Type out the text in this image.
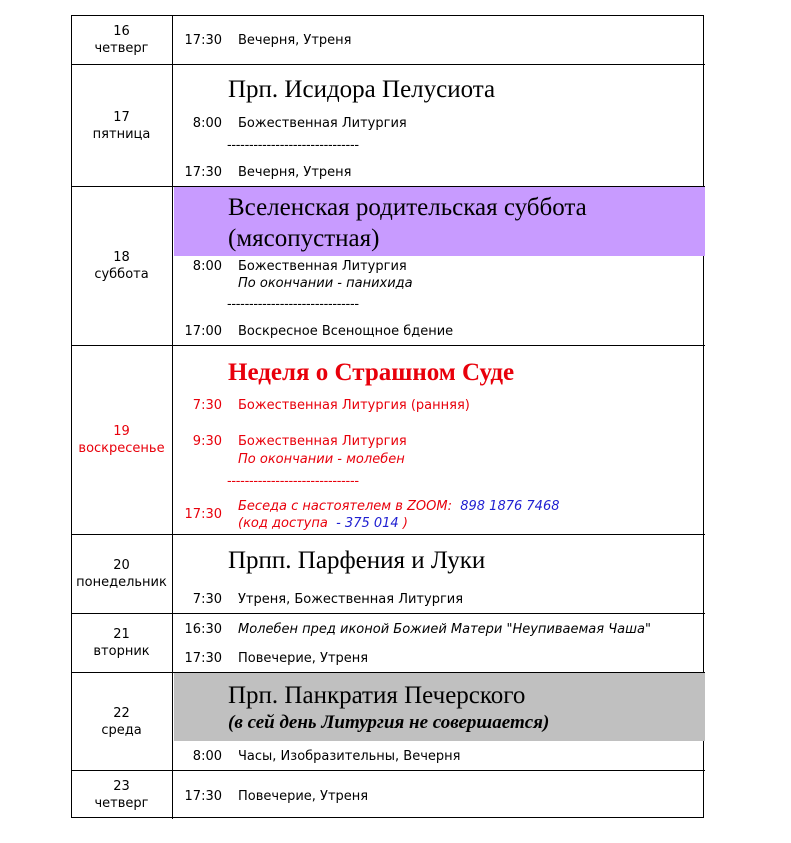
16
четверг	17:30 Вечерня, Утреня
17
пятница
Прп. Исидора Пелусиота
8:00 Божественная Литургия
------------------------------
17:30 Вечерня, Утреня
18
суббота
Вселенская родительская суббота
(мясопустная)
8:00 Божественная Литургия
По окончании - панихида
------------------------------
17:00 Воскресное Всенощное бдение
19
воскресенье
Неделя о Страшном Суде
7:30 Божественная Литургия (ранняя)
9:30 Божественная Литургия
По окончании - молебен
------------------------------
17:30
Беседа с настоятелем в ZOOM: 898 1876 7468
(код доступа - 375 014 )
20
понедельник
Прпп. Парфения и Луки
7:30 Утреня, Божественная Литургия
21
вторник
16:30 Молебен пред иконой Божией Матери "Неупиваемая Чаша"
17:30 Повечерие, Утреня
22
среда
Прп. Панкратия Печерского
(в сей день Литургия не совершается)
8:00 Часы, Изобразительны, Вечерня
23
четверг	17:30 Повечерие, Утреня
